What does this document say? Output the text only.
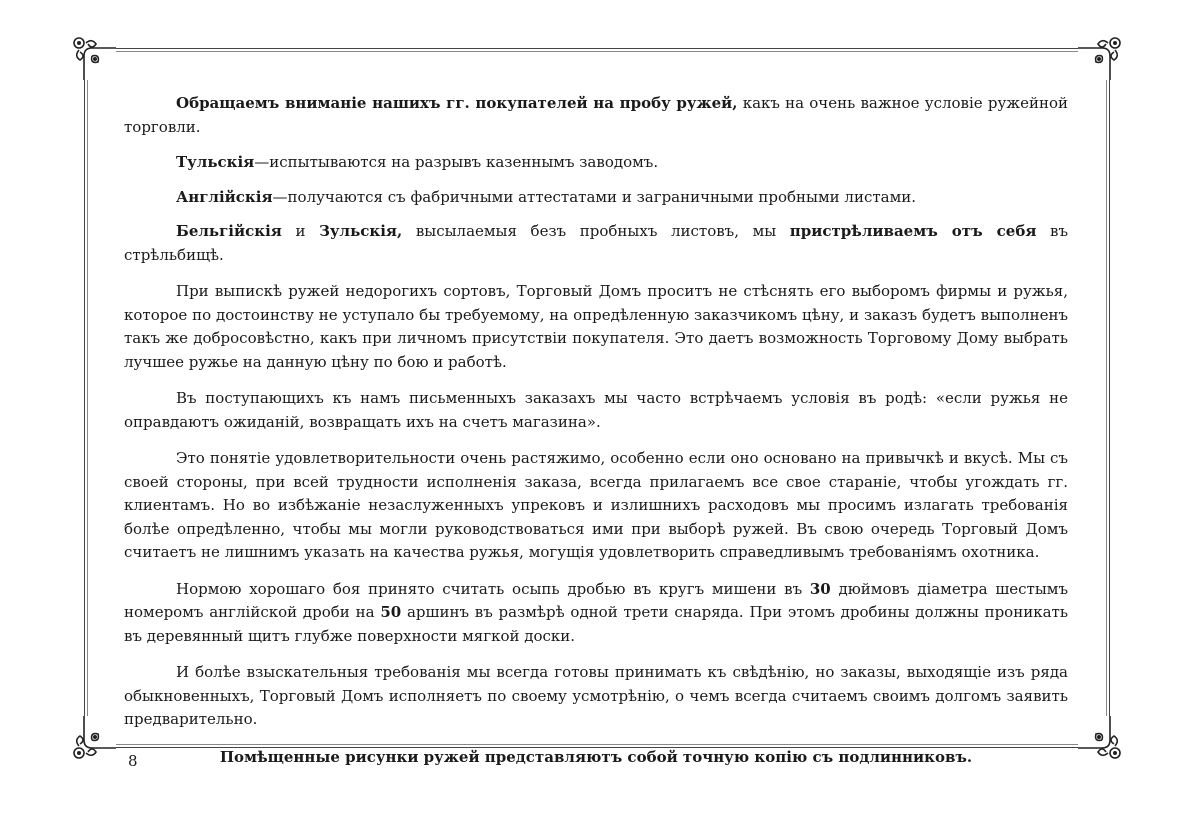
Обращаемъ вниманіе нашихъ гг. покупателей на пробу ружей, какъ на очень важное условіе ружейной торговли.

Тульскія—испытываются на разрывъ казеннымъ заводомъ.

Англійскія—получаются съ фабричными аттестатами и заграничными пробными листами.

Бельгійскія и Зульскія, высылаемыя безъ пробныхъ листовъ, мы пристрѣливаемъ отъ себя въ стрѣльбищѣ.

При выпискѣ ружей недорогихъ сортовъ, Торговый Домъ проситъ не стѣснять его выборомъ фирмы и ружья, которое по достоинству не уступало бы требуемому, на опредѣленную заказчикомъ цѣну, и заказъ будетъ выполненъ такъ же добросовѣстно, какъ при личномъ присутствіи покупателя. Это даетъ возможность Торговому Дому выбрать лучшее ружье на данную цѣну по бою и работѣ.

Въ поступающихъ къ намъ письменныхъ заказахъ мы часто встрѣчаемъ условія въ родѣ: «если ружья не оправдаютъ ожиданій, возвращать ихъ на счетъ магазина».

Это понятіе удовлетворительности очень растяжимо, особенно если оно основано на привычкѣ и вкусѣ. Мы съ своей стороны, при всей трудности исполненія заказа, всегда прилагаемъ все свое стараніе, чтобы угождать гг. клиентамъ. Но во избѣжаніе незаслуженныхъ упрековъ и излишнихъ расходовъ мы просимъ излагать требованія болѣе опредѣленно, чтобы мы могли руководствоваться ими при выборѣ ружей. Въ свою очередь Торговый Домъ считаетъ не лишнимъ указать на качества ружья, могущія удовлетворить справедливымъ требованіямъ охотника.

Нормою хорошаго боя принято считать осыпь дробью въ кругъ мишени въ 30 дюймовъ діаметра шестымъ номеромъ англійской дроби на 50 аршинъ въ размѣрѣ одной трети снаряда. При этомъ дробины должны проникать въ деревянный щитъ глубже поверхности мягкой доски.

И болѣе взыскательныя требованія мы всегда готовы принимать къ свѣдѣнію, но заказы, выходящіе изъ ряда обыкновенныхъ, Торговый Домъ исполняетъ по своему усмотрѣнію, о чемъ всегда считаемъ своимъ долгомъ заявить предварительно.

Помѣщенные рисунки ружей представляютъ собой точную копію съ подлинниковъ.

8
